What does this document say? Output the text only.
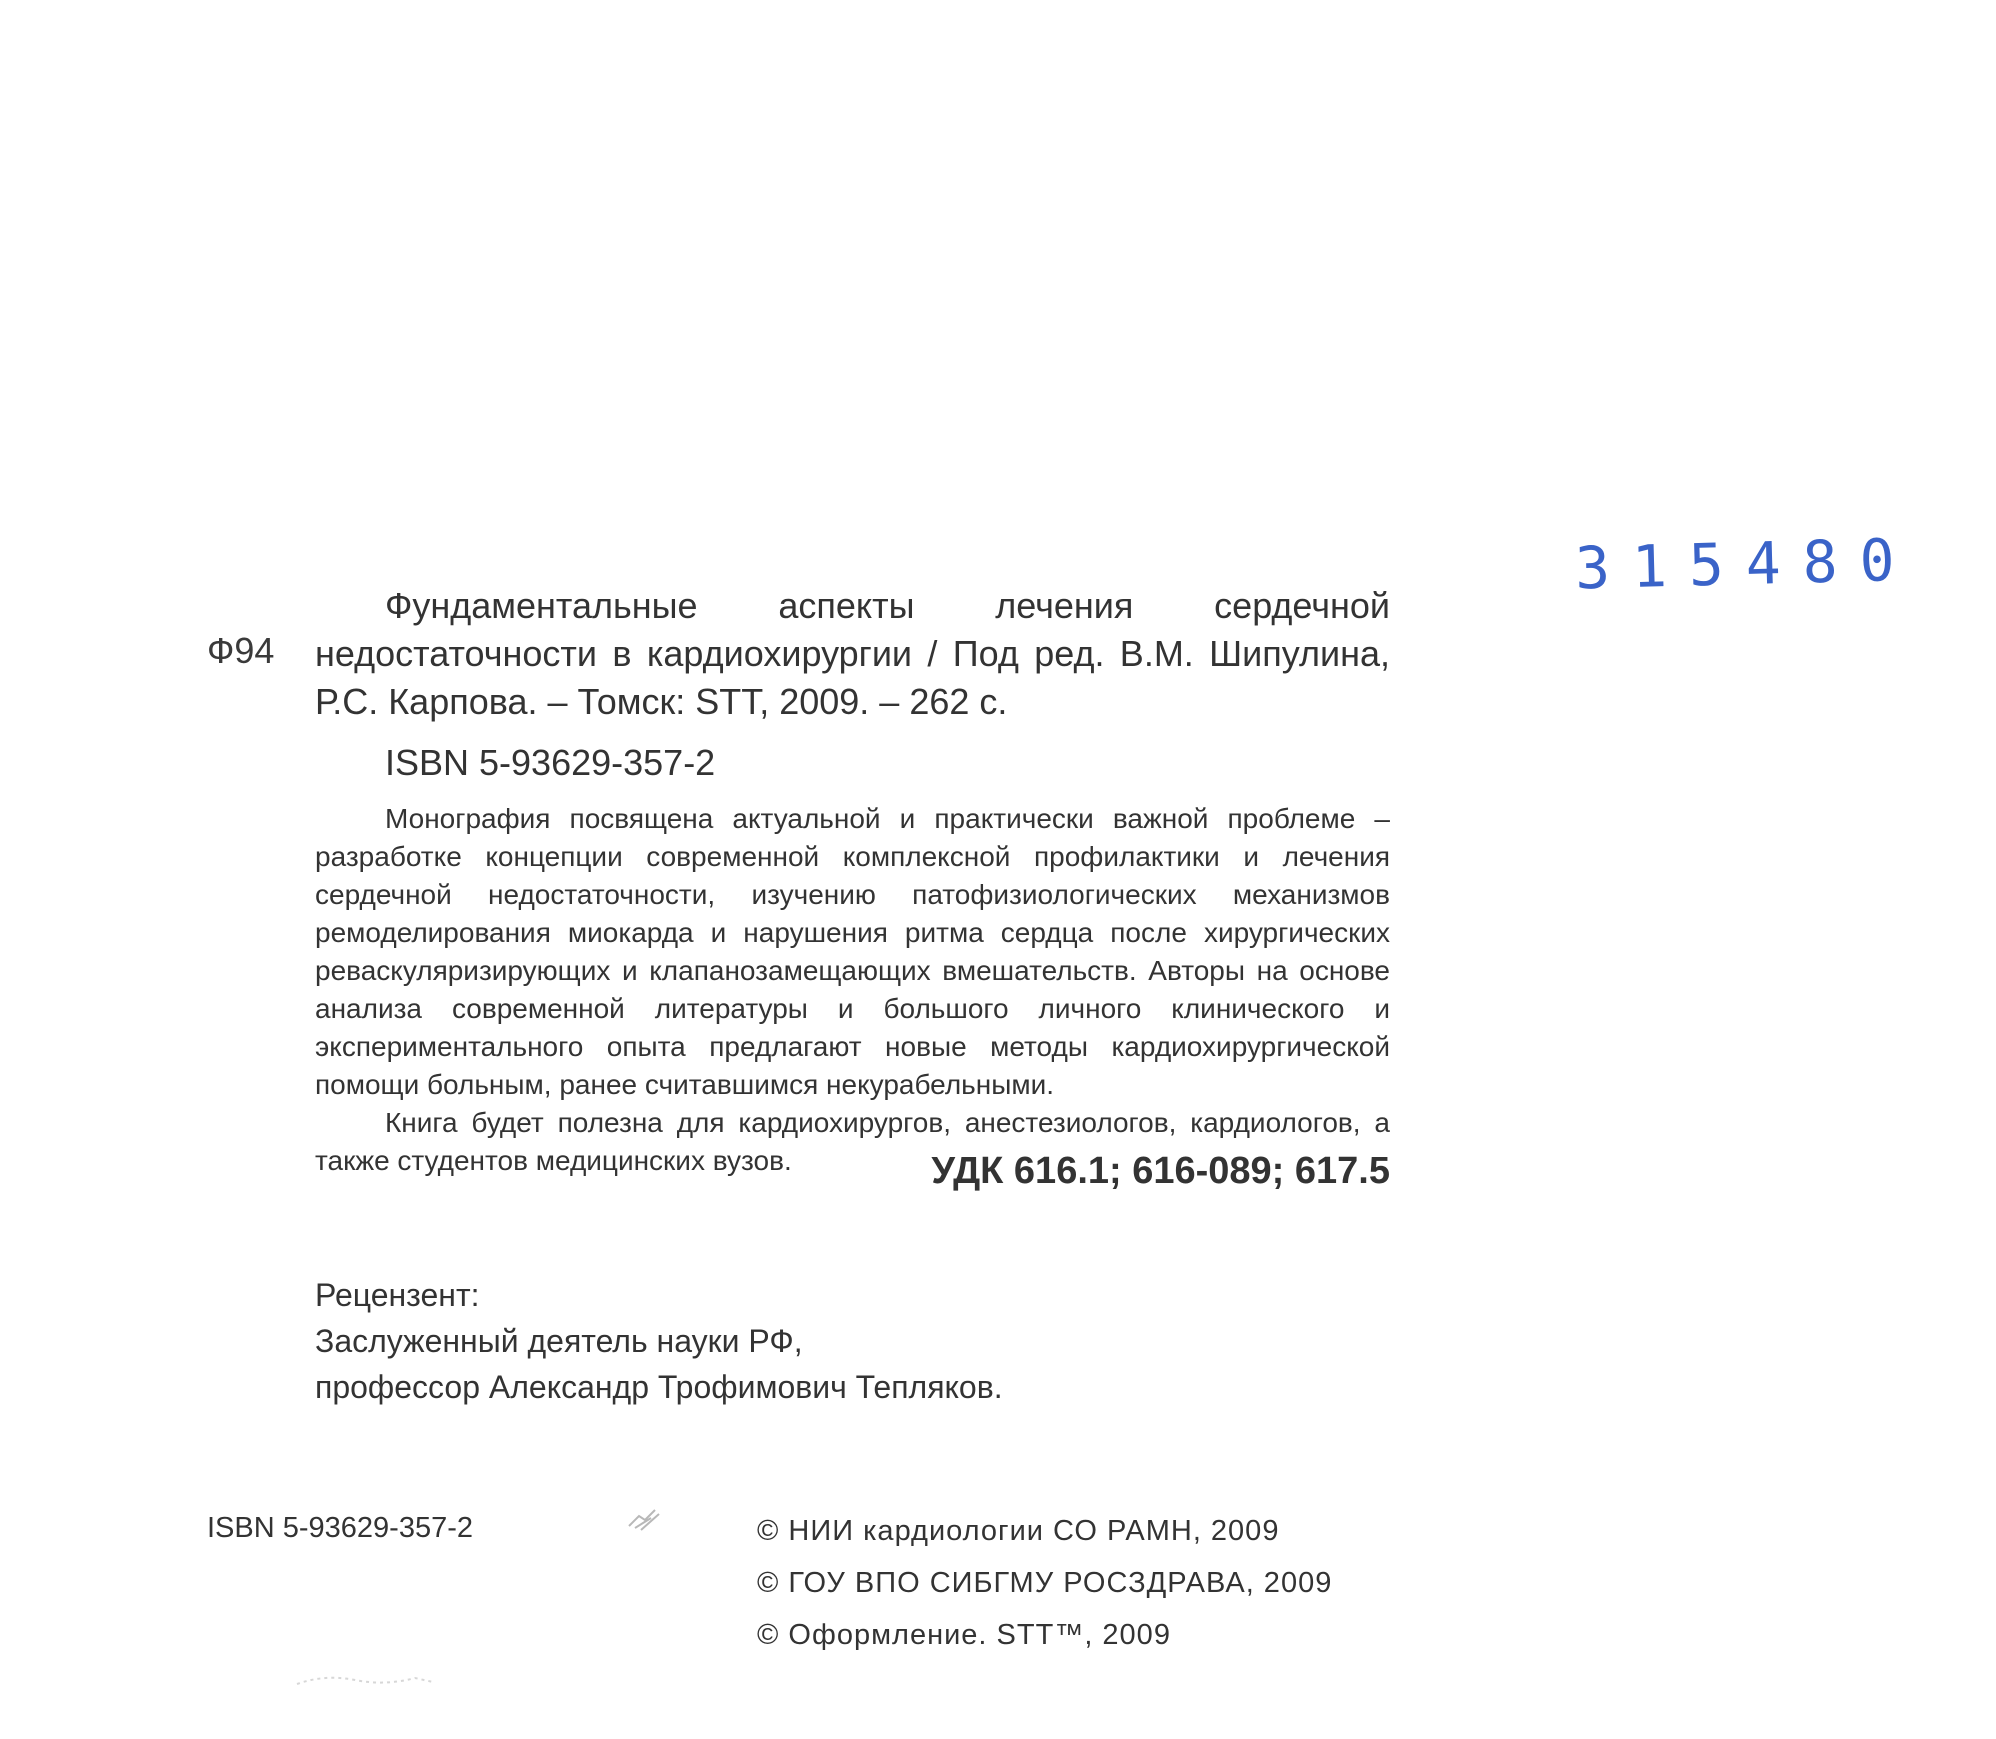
315480
Ф94
Фундаментальные аспекты лечения сердечной недостаточности в кардиохирургии / Под ред. В.М. Шипулина, Р.С. Карпова. – Томск: STT, 2009. – 262 с.
ISBN 5-93629-357-2

Монография посвящена актуальной и практически важной проблеме – разработке концепции современной комплексной профилактики и лечения сердечной недостаточности, изучению патофизиологических механизмов ремоделирования миокарда и нарушения ритма сердца после хирургических реваскуляризирующих и клапанозамещающих вмешательств. Авторы на основе анализа современной литературы и большого личного клинического и экспериментального опыта предлагают новые методы кардиохирургической помощи больным, ранее считавшимся некурабельными.

Книга будет полезна для кардиохирургов, анестезиологов, кардиологов, а также студентов медицинских вузов.	УДК 616.1; 616-089; 617.5
Рецензент:
Заслуженный деятель науки РФ,
профессор Александр Трофимович Тепляков.
ISBN 5-93629-357-2	© НИИ кардиологии СО РАМН, 2009
© ГОУ ВПО СИБГМУ РОСЗДРАВА, 2009
© Оформление. STT™, 2009
